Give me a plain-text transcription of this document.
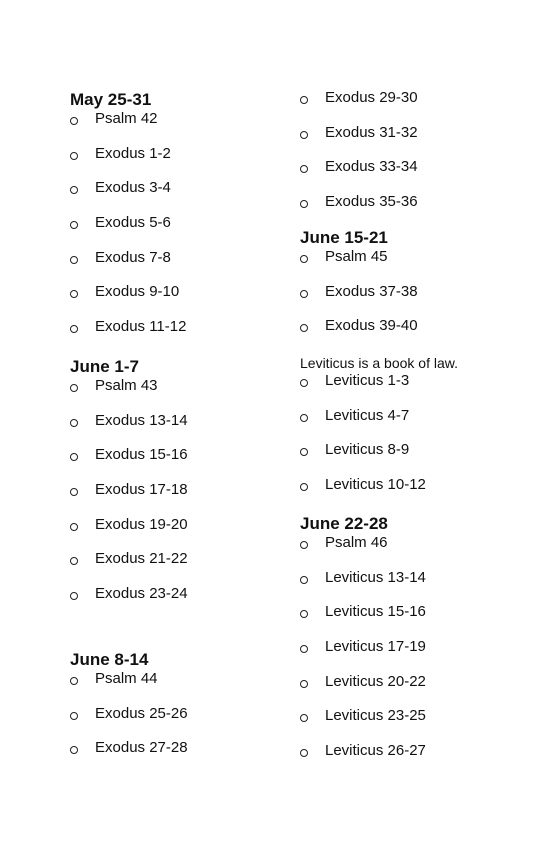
May 25-31
Psalm 42
Exodus 1-2
Exodus 3-4
Exodus 5-6
Exodus 7-8
Exodus 9-10
Exodus 11-12
June 1-7
Psalm 43
Exodus 13-14
Exodus 15-16
Exodus 17-18
Exodus 19-20
Exodus 21-22
Exodus 23-24
June 8-14
Psalm 44
Exodus 25-26
Exodus 27-28
Exodus 29-30
Exodus 31-32
Exodus 33-34
Exodus 35-36
June 15-21
Psalm 45
Exodus 37-38
Exodus 39-40
Leviticus is a book of law.
Leviticus 1-3
Leviticus 4-7
Leviticus 8-9
Leviticus 10-12
June 22-28
Psalm 46
Leviticus 13-14
Leviticus 15-16
Leviticus 17-19
Leviticus 20-22
Leviticus 23-25
Leviticus 26-27
